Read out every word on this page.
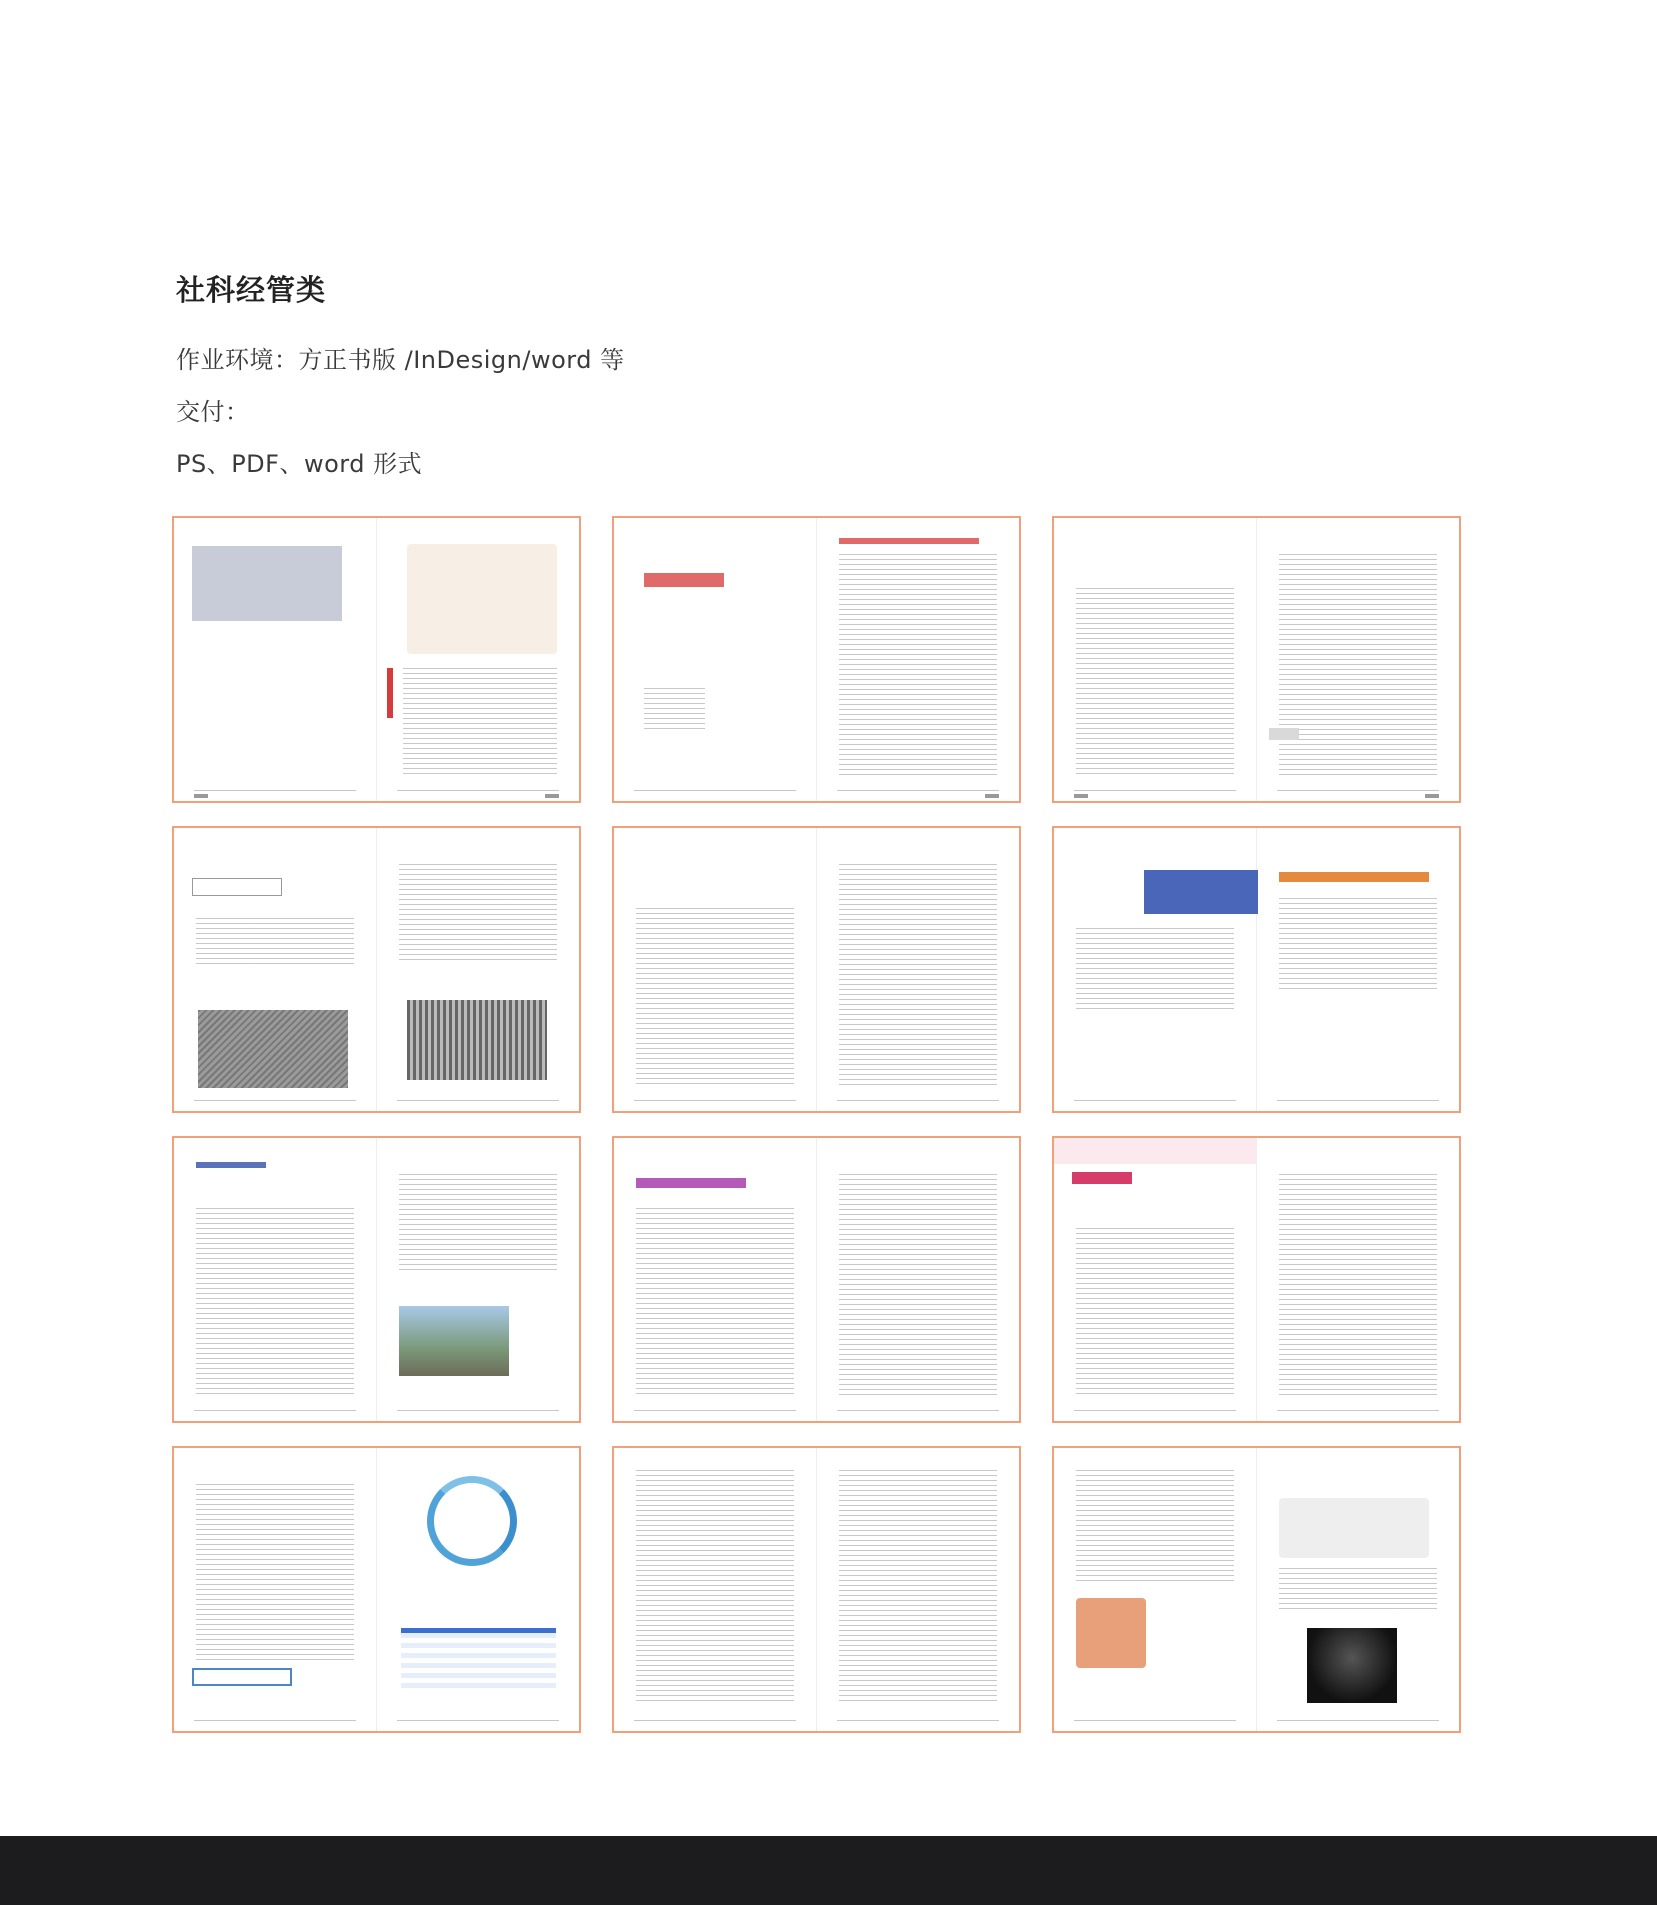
社科经管类
作业环境：方正书版 /InDesign/word 等
交付：
PS、PDF、word 形式
